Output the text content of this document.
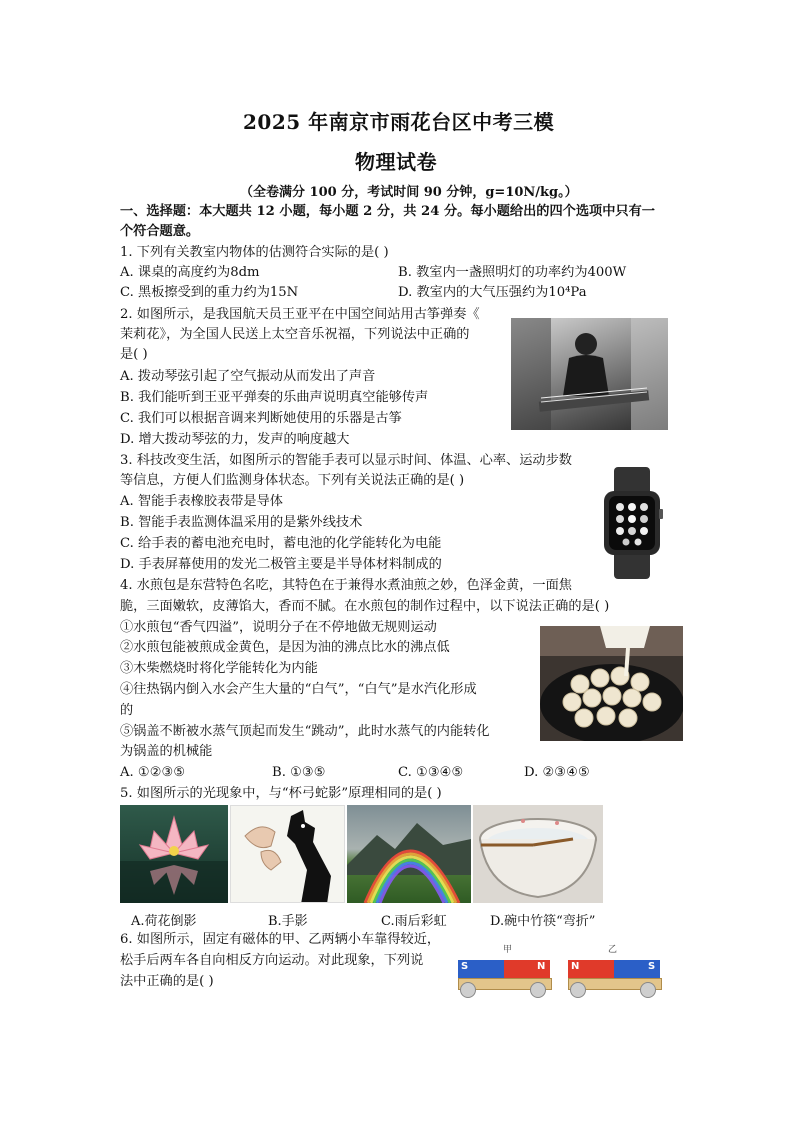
2025 年南京市雨花台区中考三模
物理试卷
（全卷满分 100 分，考试时间 90 分钟，g=10N/kg。）
一、选择题：本大题共 12 小题，每小题 2 分，共 24 分。每小题给出的四个选项中只有一
个符合题意。
1. 下列有关教室内物体的估测符合实际的是( )
A. 课桌的高度约为8dm	B. 教室内一盏照明灯的功率约为400W
C. 黑板擦受到的重力约为15N	D. 教室内的大气压强约为10⁴Pa
2. 如图所示，是我国航天员王亚平在中国空间站用古筝弹奏《
茉莉花》，为全国人民送上太空音乐祝福，下列说法中正确的
是( )
A. 拨动琴弦引起了空气振动从而发出了声音
B. 我们能听到王亚平弹奏的乐曲声说明真空能够传声
C. 我们可以根据音调来判断她使用的乐器是古筝
D. 增大拨动琴弦的力，发声的响度越大
3. 科技改变生活，如图所示的智能手表可以显示时间、体温、心率、运动步数
等信息，方便人们监测身体状态。下列有关说法正确的是( )
A. 智能手表橡胶表带是导体
B. 智能手表监测体温采用的是紫外线技术
C. 给手表的蓄电池充电时，蓄电池的化学能转化为电能
D. 手表屏幕使用的发光二极管主要是半导体材料制成的
4. 水煎包是东营特色名吃，其特色在于兼得水煮油煎之妙，色泽金黄，一面焦
脆，三面嫩软，皮薄馅大，香而不腻。在水煎包的制作过程中，以下说法正确的是( )
①水煎包“香气四溢”，说明分子在不停地做无规则运动
②水煎包能被煎成金黄色，是因为油的沸点比水的沸点低
③木柴燃烧时将化学能转化为内能
④往热锅内倒入水会产生大量的“白气”，“白气”是水汽化形成
的
⑤锅盖不断被水蒸气顶起而发生“跳动”，此时水蒸气的内能转化
为锅盖的机械能
A. ①②③⑤	B. ①③⑤	C. ①③④⑤	D. ②③④⑤
5. 如图所示的光现象中，与“杯弓蛇影”原理相同的是( )
A.荷花倒影	B.手影	C.雨后彩虹	D.碗中竹筷“弯折”
6. 如图所示，固定有磁体的甲、乙两辆小车靠得较近，
松手后两车各自向相反方向运动。对此现象，下列说
法中正确的是( )
甲	乙
S	N	N	S
